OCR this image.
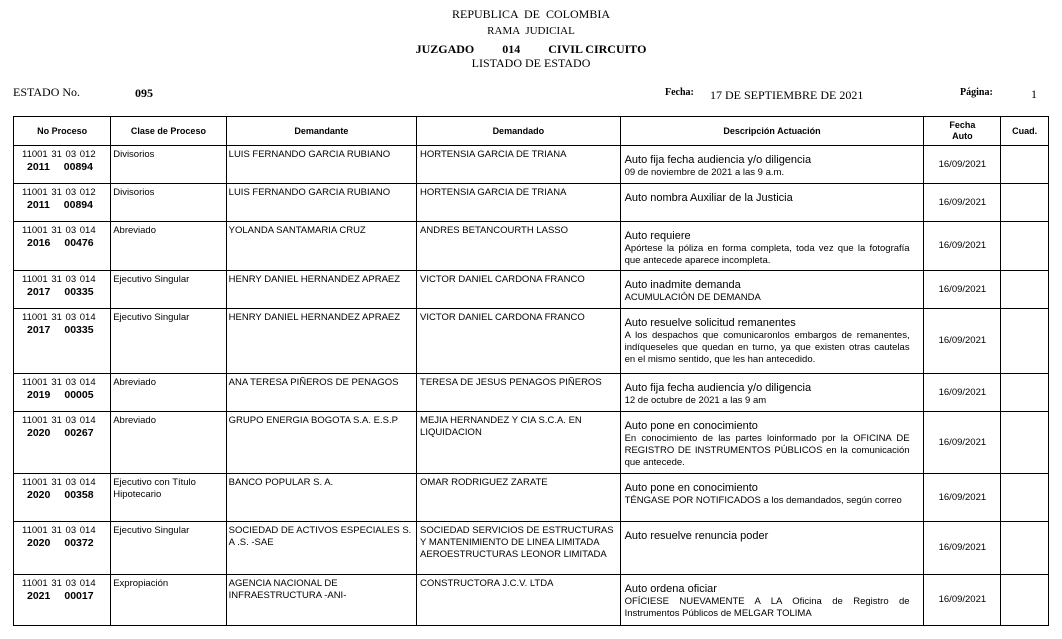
REPUBLICA DE COLOMBIA
RAMA JUDICIAL
JUZGADO 014 CIVIL CIRCUITO
LISTADO DE ESTADO
ESTADO No.	095	Fecha: 17 DE SEPTIEMBRE DE 2021	Página:	1
No Proceso	Clase de Proceso	Demandante	Demandado	Descripción Actuación	Fecha Auto	Cuad.

11001 31 03 012
2011 00894	Divisorios	LUIS FERNANDO GARCIA RUBIANO	HORTENSIA GARCIA DE TRIANA	Auto fija fecha audiencia y/o diligencia
09 de noviembre de 2021 a las 9 a.m.	16/09/2021	

11001 31 03 012
2011 00894	Divisorios	LUIS FERNANDO GARCIA RUBIANO	HORTENSIA GARCIA DE TRIANA	Auto nombra Auxiliar de la Justicia	16/09/2021	

11001 31 03 014
2016 00476	Abreviado	YOLANDA SANTAMARIA CRUZ	ANDRES BETANCOURTH LASSO	Auto requiere
Apórtese la póliza en forma completa, toda vez que la fotografía que antecede aparece incompleta.	16/09/2021	

11001 31 03 014
2017 00335	Ejecutivo Singular	HENRY DANIEL HERNANDEZ APRAEZ	VICTOR DANIEL CARDONA FRANCO	Auto inadmite demanda
ACUMULACIÓN DE DEMANDA	16/09/2021	

11001 31 03 014
2017 00335	Ejecutivo Singular	HENRY DANIEL HERNANDEZ APRAEZ	VICTOR DANIEL CARDONA FRANCO	Auto resuelve solicitud remanentes
A los despachos que comunicaronlos embargos de remanentes, indíqueseles que quedan en turno, ya que existen otras cautelas en el mismo sentido, que les han antecedido.	16/09/2021	

11001 31 03 014
2019 00005	Abreviado	ANA TERESA PIÑEROS DE PENAGOS	TERESA DE JESUS PENAGOS PIÑEROS	Auto fija fecha audiencia y/o diligencia
12 de octubre de 2021 a las 9 am	16/09/2021	

11001 31 03 014
2020 00267	Abreviado	GRUPO ENERGIA BOGOTA S.A. E.S.P	MEJIA HERNANDEZ Y CIA S.C.A. EN LIQUIDACION	Auto pone en conocimiento
En conocimiento de las partes loinformado por la OFICINA DE REGISTRO DE INSTRUMENTOS PÚBLICOS en la comunicación que antecede.	16/09/2021	

11001 31 03 014
2020 00358	Ejecutivo con Título Hipotecario	BANCO POPULAR S. A.	OMAR RODRIGUEZ ZARATE	Auto pone en conocimiento
TÉNGASE POR NOTIFICADOS a los demandados, según correo	16/09/2021	

11001 31 03 014
2020 00372	Ejecutivo Singular	SOCIEDAD DE ACTIVOS ESPECIALES S. A .S. -SAE	SOCIEDAD SERVICIOS DE ESTRUCTURAS Y MANTENIMIENTO DE LINEA LIMITADA AEROESTRUCTURAS LEONOR LIMITADA	Auto resuelve renuncia poder	16/09/2021	

11001 31 03 014
2021 00017	Expropiación	AGENCIA NACIONAL DE INFRAESTRUCTURA -ANI-	CONSTRUCTORA J.C.V. LTDA	Auto ordena oficiar
OFÍCIESE NUEVAMENTE A LA Oficina de Registro de Instrumentos Públicos de MELGAR TOLIMA	16/09/2021	
